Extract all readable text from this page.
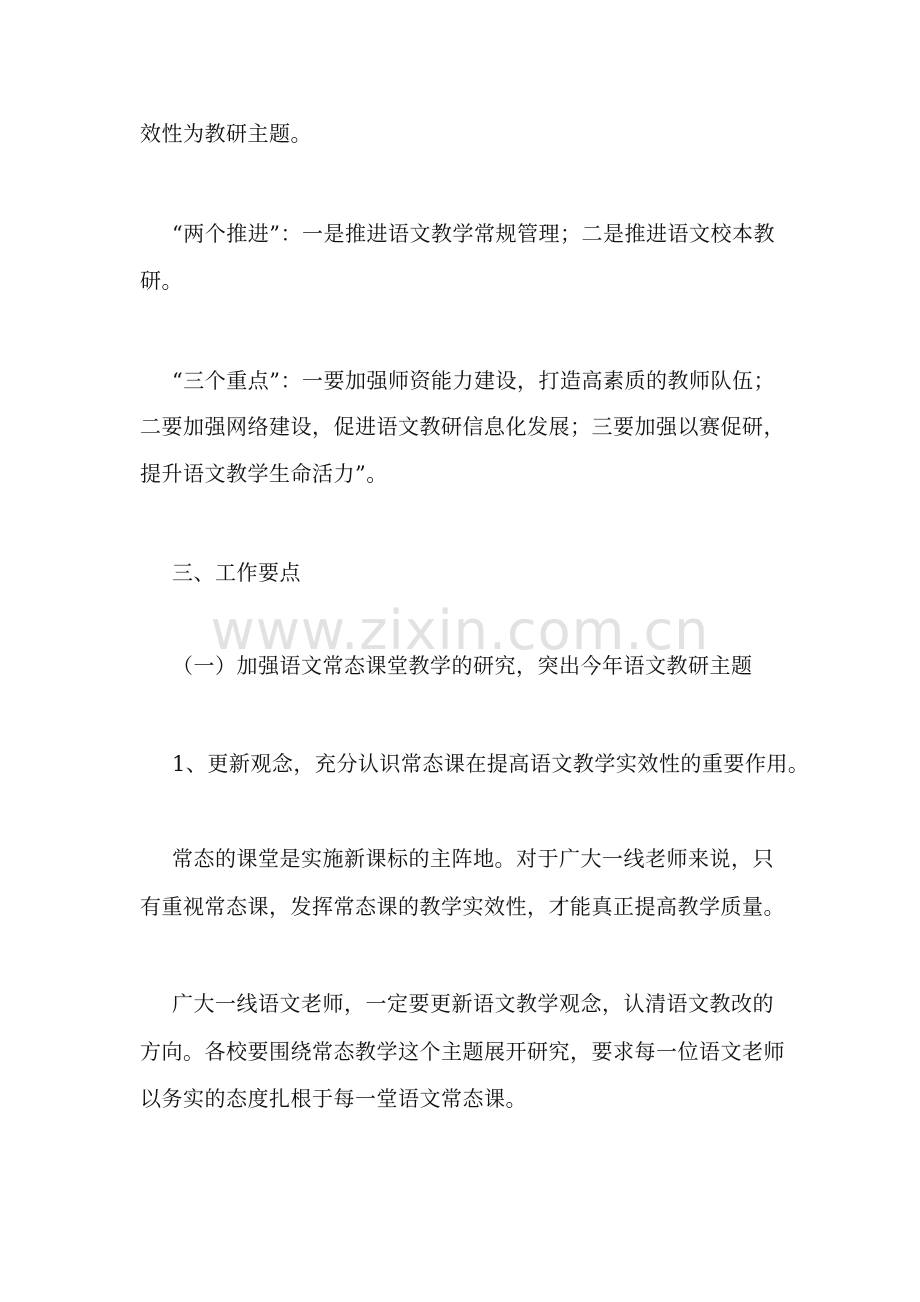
www.zixin.com.cn

效性为教研主题。

“两个推进”：一是推进语文教学常规管理；二是推进语文校本教

研。

“三个重点”：一要加强师资能力建设，打造高素质的教师队伍；

二要加强网络建设，促进语文教研信息化发展；三要加强以赛促研，

提升语文教学生命活力”。

三、工作要点

（一）加强语文常态课堂教学的研究，突出今年语文教研主题

1、更新观念，充分认识常态课在提高语文教学实效性的重要作用。

常态的课堂是实施新课标的主阵地。对于广大一线老师来说，只

有重视常态课，发挥常态课的教学实效性，才能真正提高教学质量。

广大一线语文老师，一定要更新语文教学观念，认清语文教改的

方向。各校要围绕常态教学这个主题展开研究，要求每一位语文老师

以务实的态度扎根于每一堂语文常态课。
